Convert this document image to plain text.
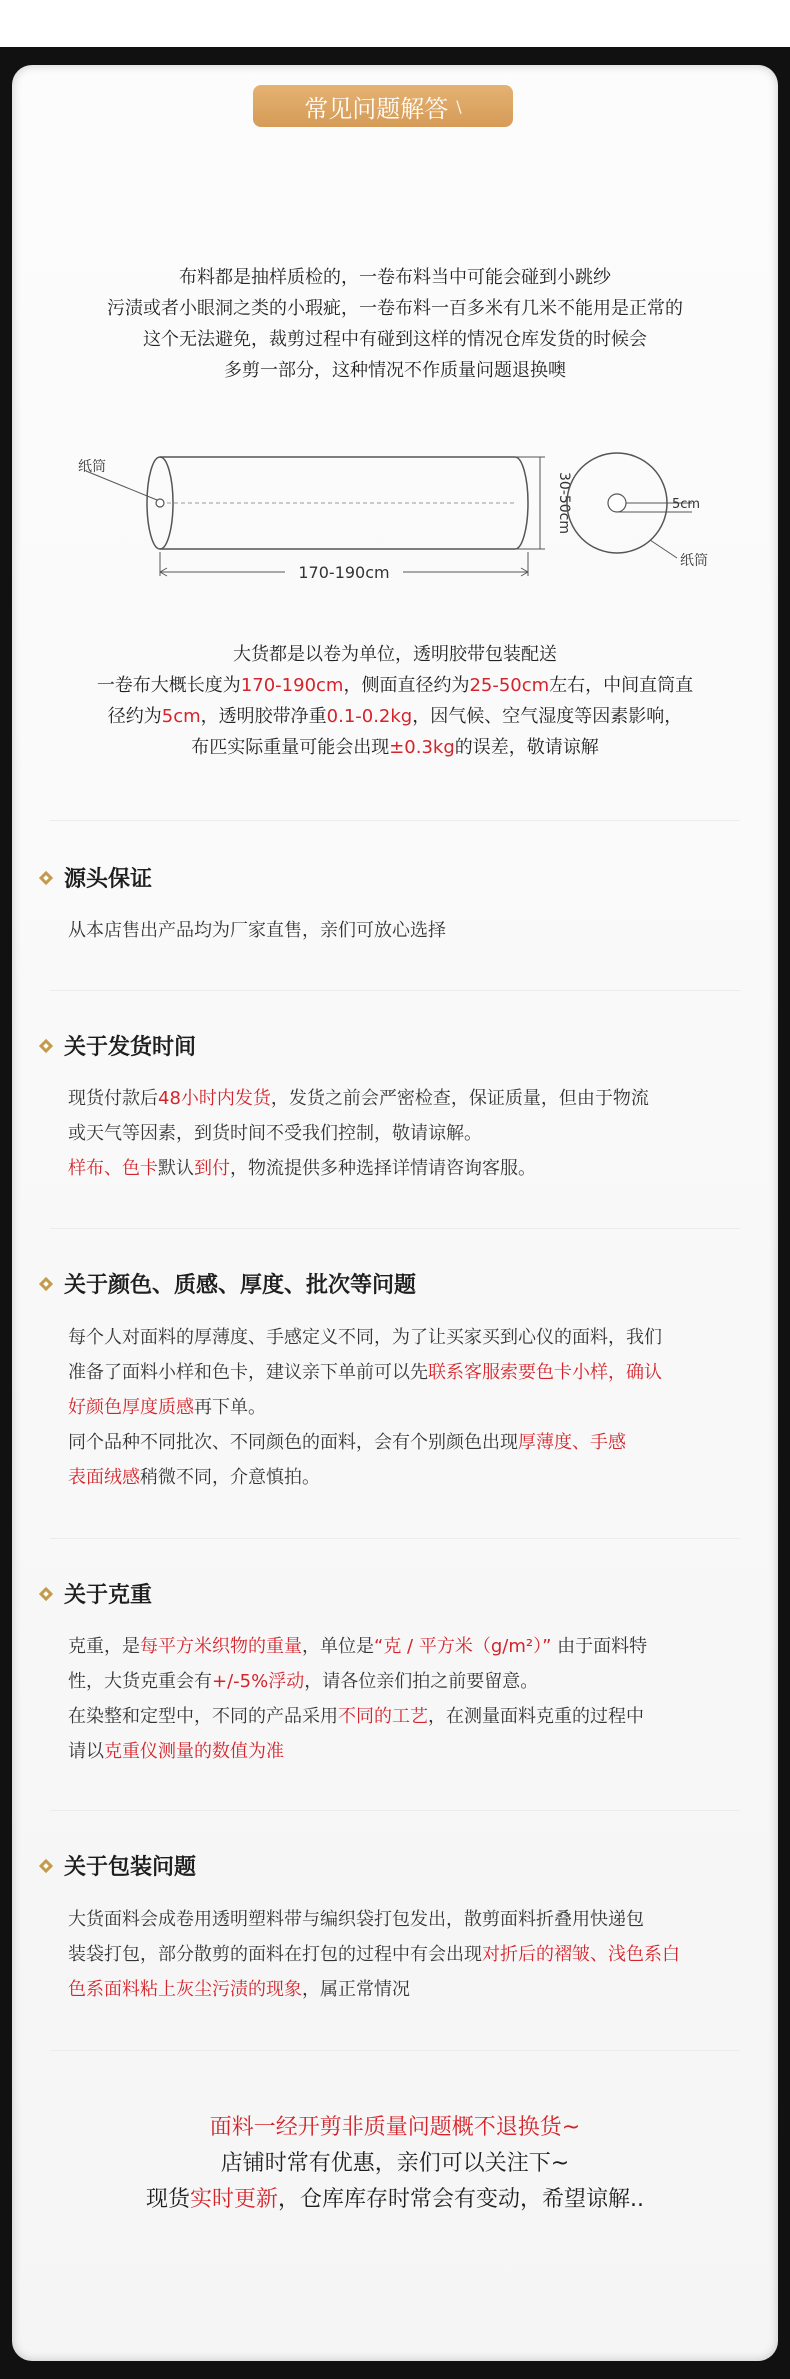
常见问题解答 \
布料都是抽样质检的，一卷布料当中可能会碰到小跳纱
污渍或者小眼洞之类的小瑕疵，一卷布料一百多米有几米不能用是正常的
这个无法避免，裁剪过程中有碰到这样的情况仓库发货的时候会
多剪一部分，这种情况不作质量问题退换噢
纸筒
170-190cm
30-50cm	5cm
纸筒
大货都是以卷为单位，透明胶带包装配送
一卷布大概长度为170-190cm，侧面直径约为25-50cm左右，中间直筒直
径约为5cm，透明胶带净重0.1-0.2kg，因气候、空气湿度等因素影响，
布匹实际重量可能会出现±0.3kg的误差，敬请谅解
源头保证

从本店售出产品均为厂家直售，亲们可放心选择

关于发货时间

现货付款后48小时内发货，发货之前会严密检查，保证质量，但由于物流

或天气等因素，到货时间不受我们控制，敬请谅解。

样布、色卡默认到付，物流提供多种选择详情请咨询客服。

关于颜色、质感、厚度、批次等问题

每个人对面料的厚薄度、手感定义不同，为了让买家买到心仪的面料，我们

准备了面料小样和色卡，建议亲下单前可以先联系客服索要色卡小样，确认

好颜色厚度质感再下单。

同个品种不同批次、不同颜色的面料，会有个别颜色出现厚薄度、手感

表面绒感稍微不同，介意慎拍。

关于克重

克重，是每平方米织物的重量，单位是“克 / 平方米（g/m²）” 由于面料特

性，大货克重会有+/-5%浮动，请各位亲们拍之前要留意。

在染整和定型中，不同的产品采用不同的工艺，在测量面料克重的过程中

请以克重仪测量的数值为准

关于包装问题

大货面料会成卷用透明塑料带与编织袋打包发出，散剪面料折叠用快递包

装袋打包，部分散剪的面料在打包的过程中有会出现对折后的褶皱、浅色系白

色系面料粘上灰尘污渍的现象，属正常情况

面料一经开剪非质量问题概不退换货~
店铺时常有优惠，亲们可以关注下~
现货实时更新，仓库库存时常会有变动，希望谅解..
